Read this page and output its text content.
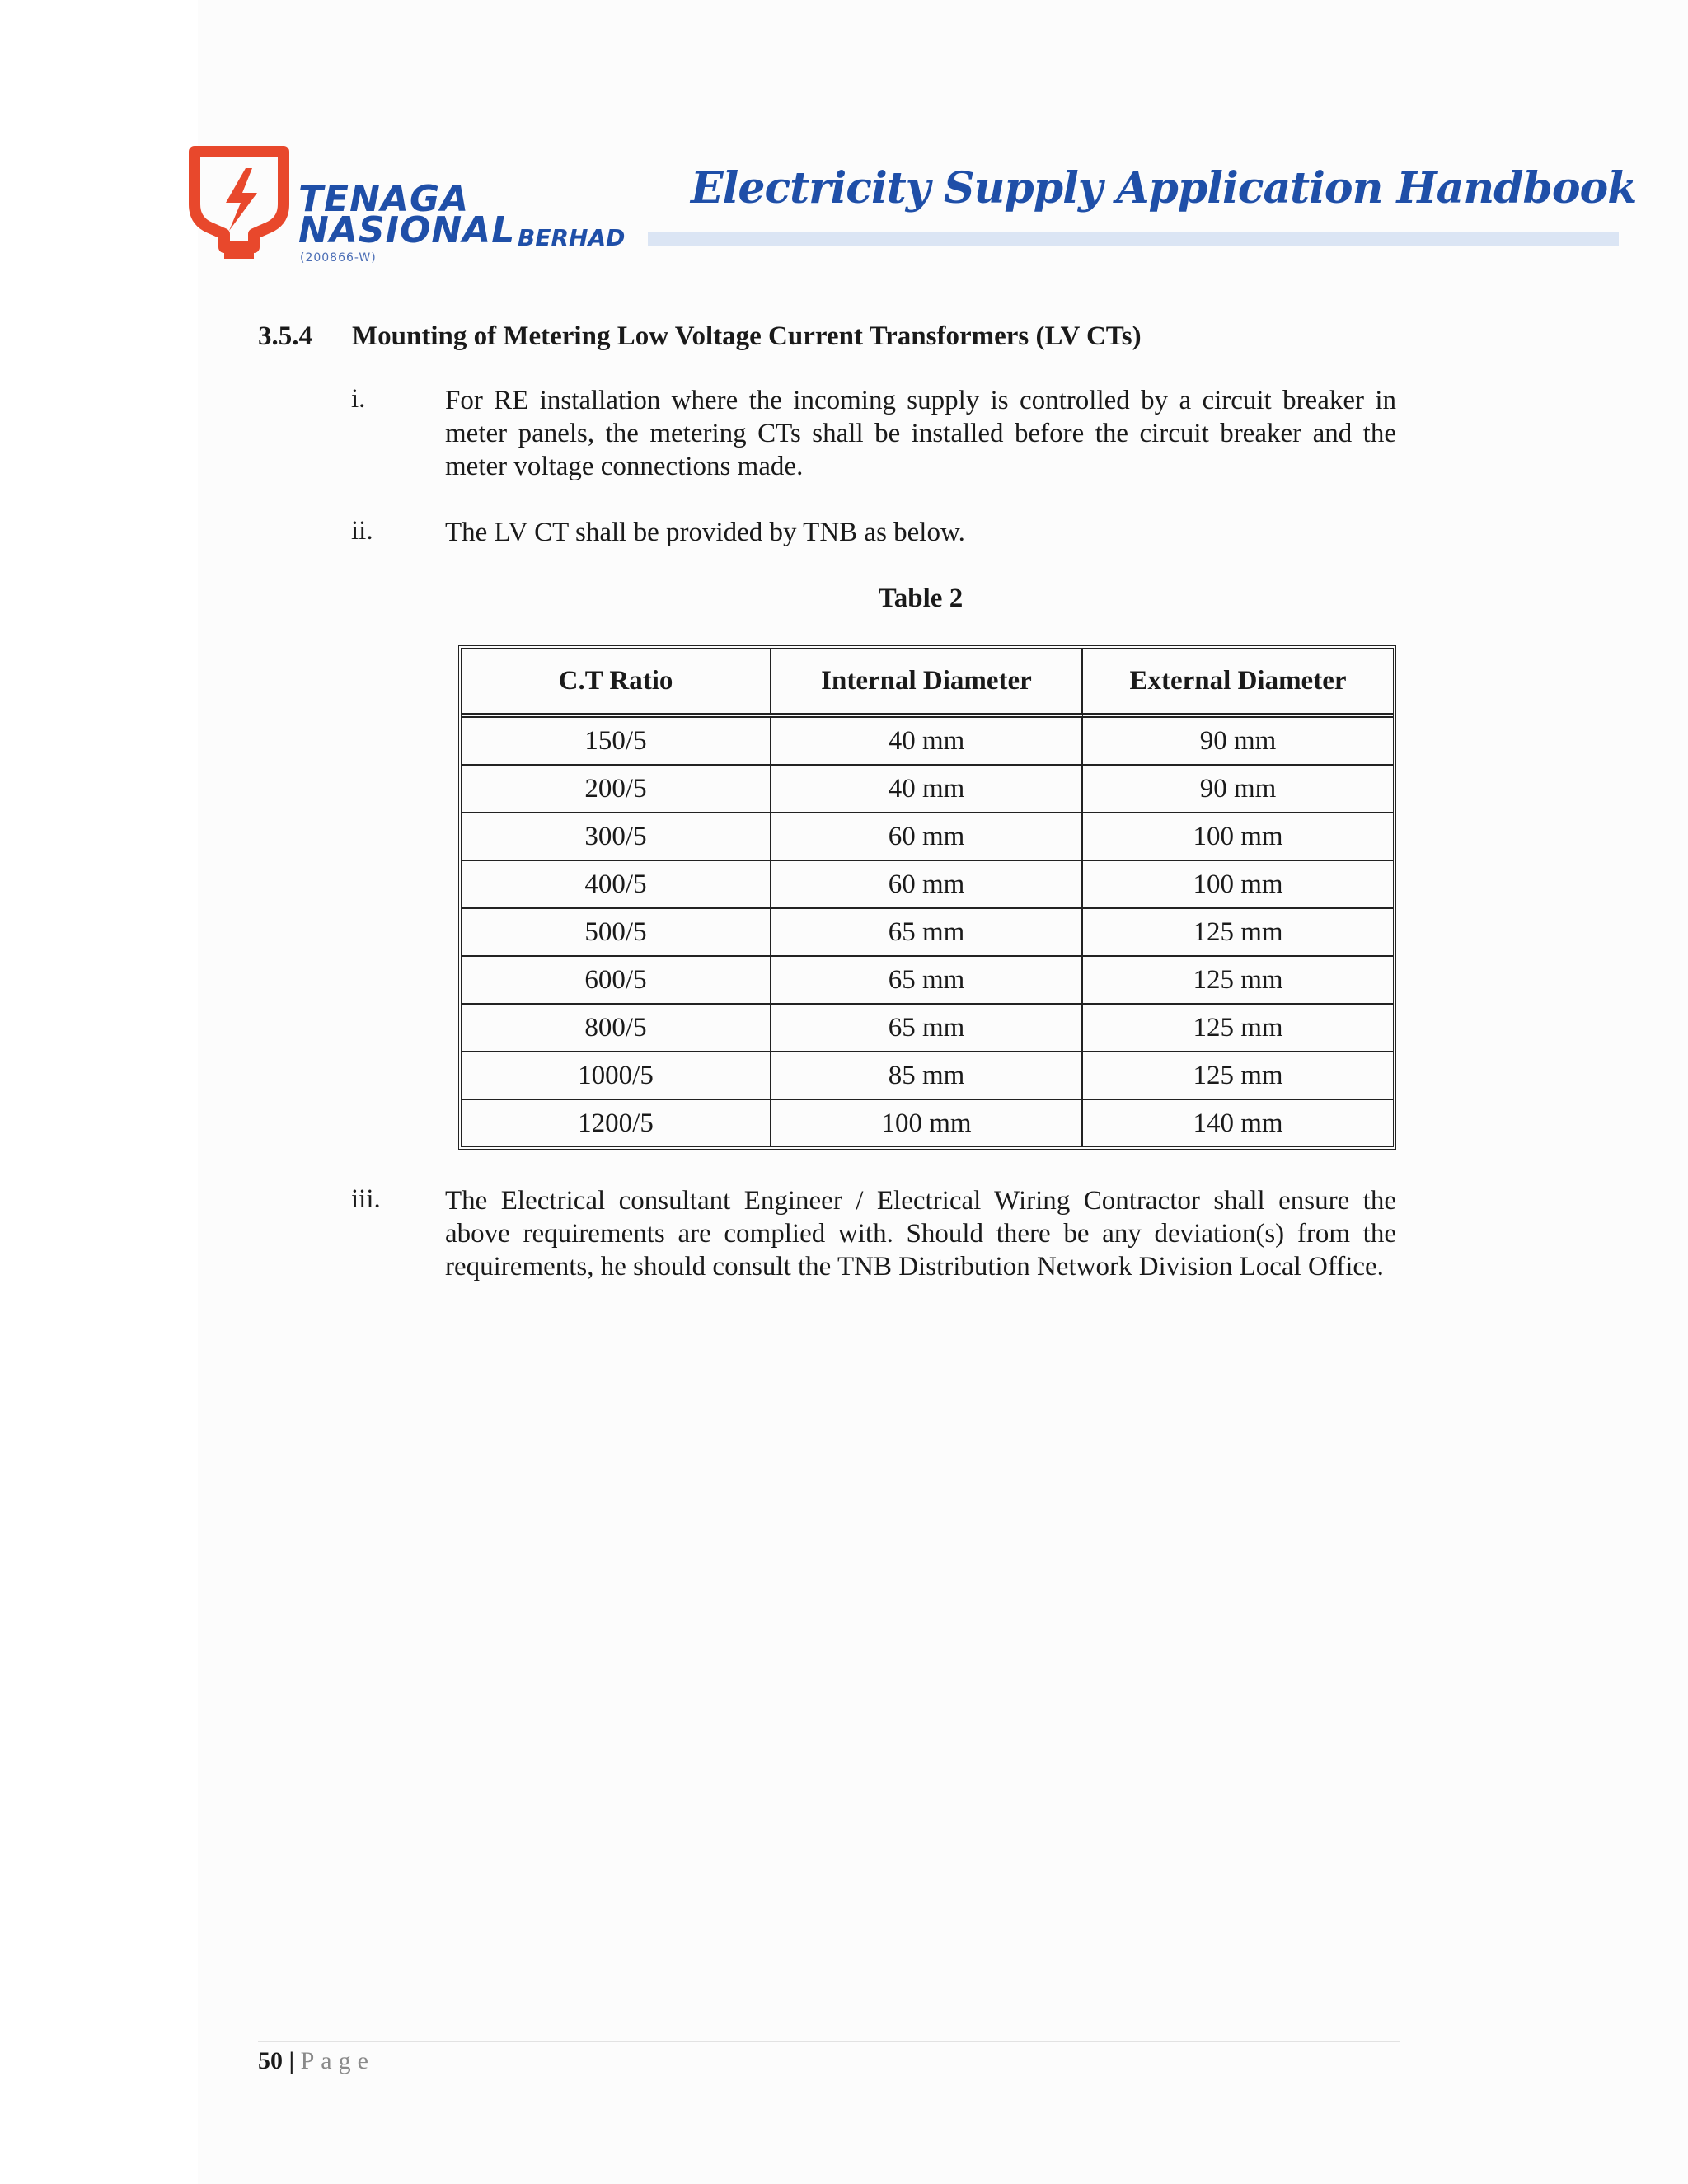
TENAGA
NASIONAL BERHAD
(200866-W)
Electricity Supply Application Handbook
3.5.4 Mounting of Metering Low Voltage Current Transformers (LV CTs)
i.	For RE installation where the incoming supply is controlled by a circuit breaker in meter panels, the metering CTs shall be installed before the circuit breaker and the meter voltage connections made.
ii.	The LV CT shall be provided by TNB as below.
Table 2
C.T Ratio	Internal Diameter	External Diameter
150/5	40 mm	90 mm
200/5	40 mm	90 mm
300/5	60 mm	100 mm
400/5	60 mm	100 mm
500/5	65 mm	125 mm
600/5	65 mm	125 mm
800/5	65 mm	125 mm
1000/5	85 mm	125 mm
1200/5	100 mm	140 mm
iii. The Electrical consultant Engineer / Electrical Wiring Contractor shall ensure the above requirements are complied with. Should there be any deviation(s) from the requirements, he should consult the TNB Distribution Network Division Local Office.
50 | Page
